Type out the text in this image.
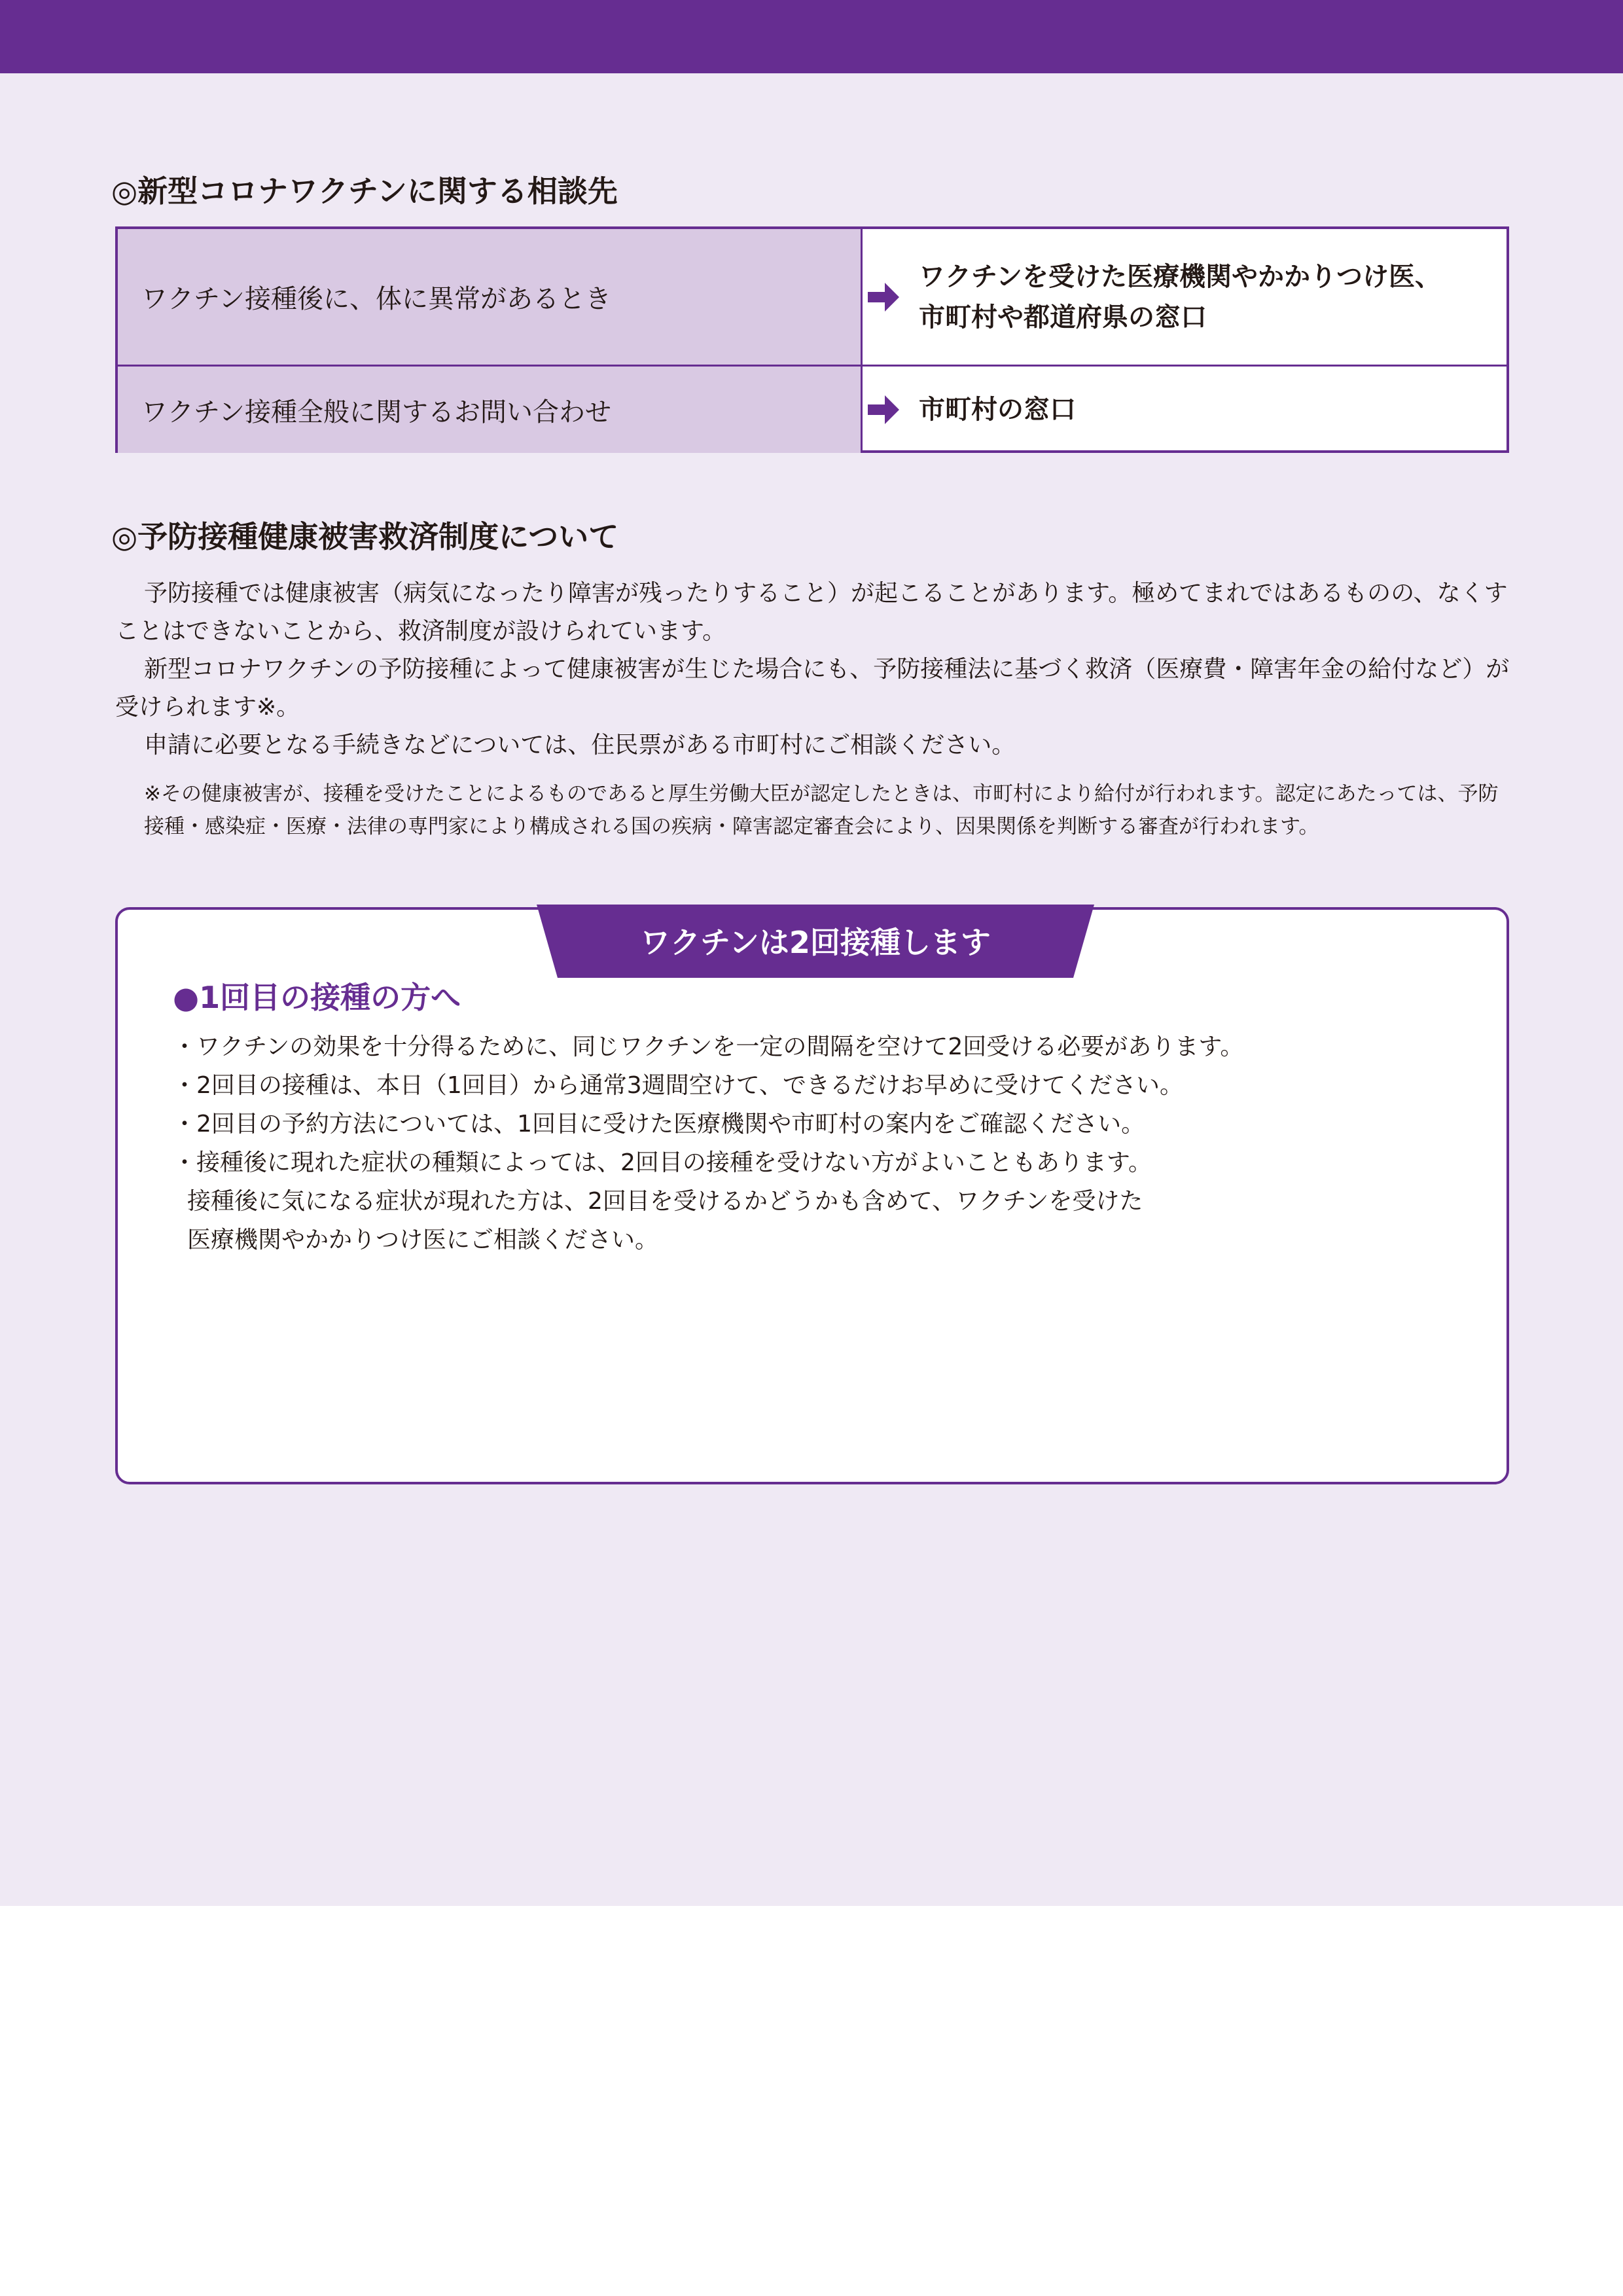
◎新型コロナワクチンに関する相談先
ワクチン接種後に、体に異常があるとき
ワクチンを受けた医療機関やかかりつけ医、
市町村や都道府県の窓口
ワクチン接種全般に関するお問い合わせ	市町村の窓口
◎予防接種健康被害救済制度について

予防接種では健康被害（病気になったり障害が残ったりすること）が起こることがあります。極めてまれではあるものの、なくすことはできないことから、救済制度が設けられています。

新型コロナワクチンの予防接種によって健康被害が生じた場合にも、予防接種法に基づく救済（医療費・障害年金の給付など）が受けられます※。

申請に必要となる手続きなどについては、住民票がある市町村にご相談ください。

※その健康被害が、接種を受けたことによるものであると厚生労働大臣が認定したときは、市町村により給付が行われます。認定にあたっては、予防接種・感染症・医療・法律の専門家により構成される国の疾病・障害認定審査会により、因果関係を判断する審査が行われます。
ワクチンは2回接種します
●1回目の接種の方へ
・ワクチンの効果を十分得るために、同じワクチンを一定の間隔を空けて2回受ける必要があります。
・2回目の接種は、本日（1回目）から通常3週間空けて、できるだけお早めに受けてください。
・2回目の予約方法については、1回目に受けた医療機関や市町村の案内をご確認ください。
・接種後に現れた症状の種類によっては、2回目の接種を受けない方がよいこともあります。
接種後に気になる症状が現れた方は、2回目を受けるかどうかも含めて、ワクチンを受けた
医療機関やかかりつけ医にご相談ください。
